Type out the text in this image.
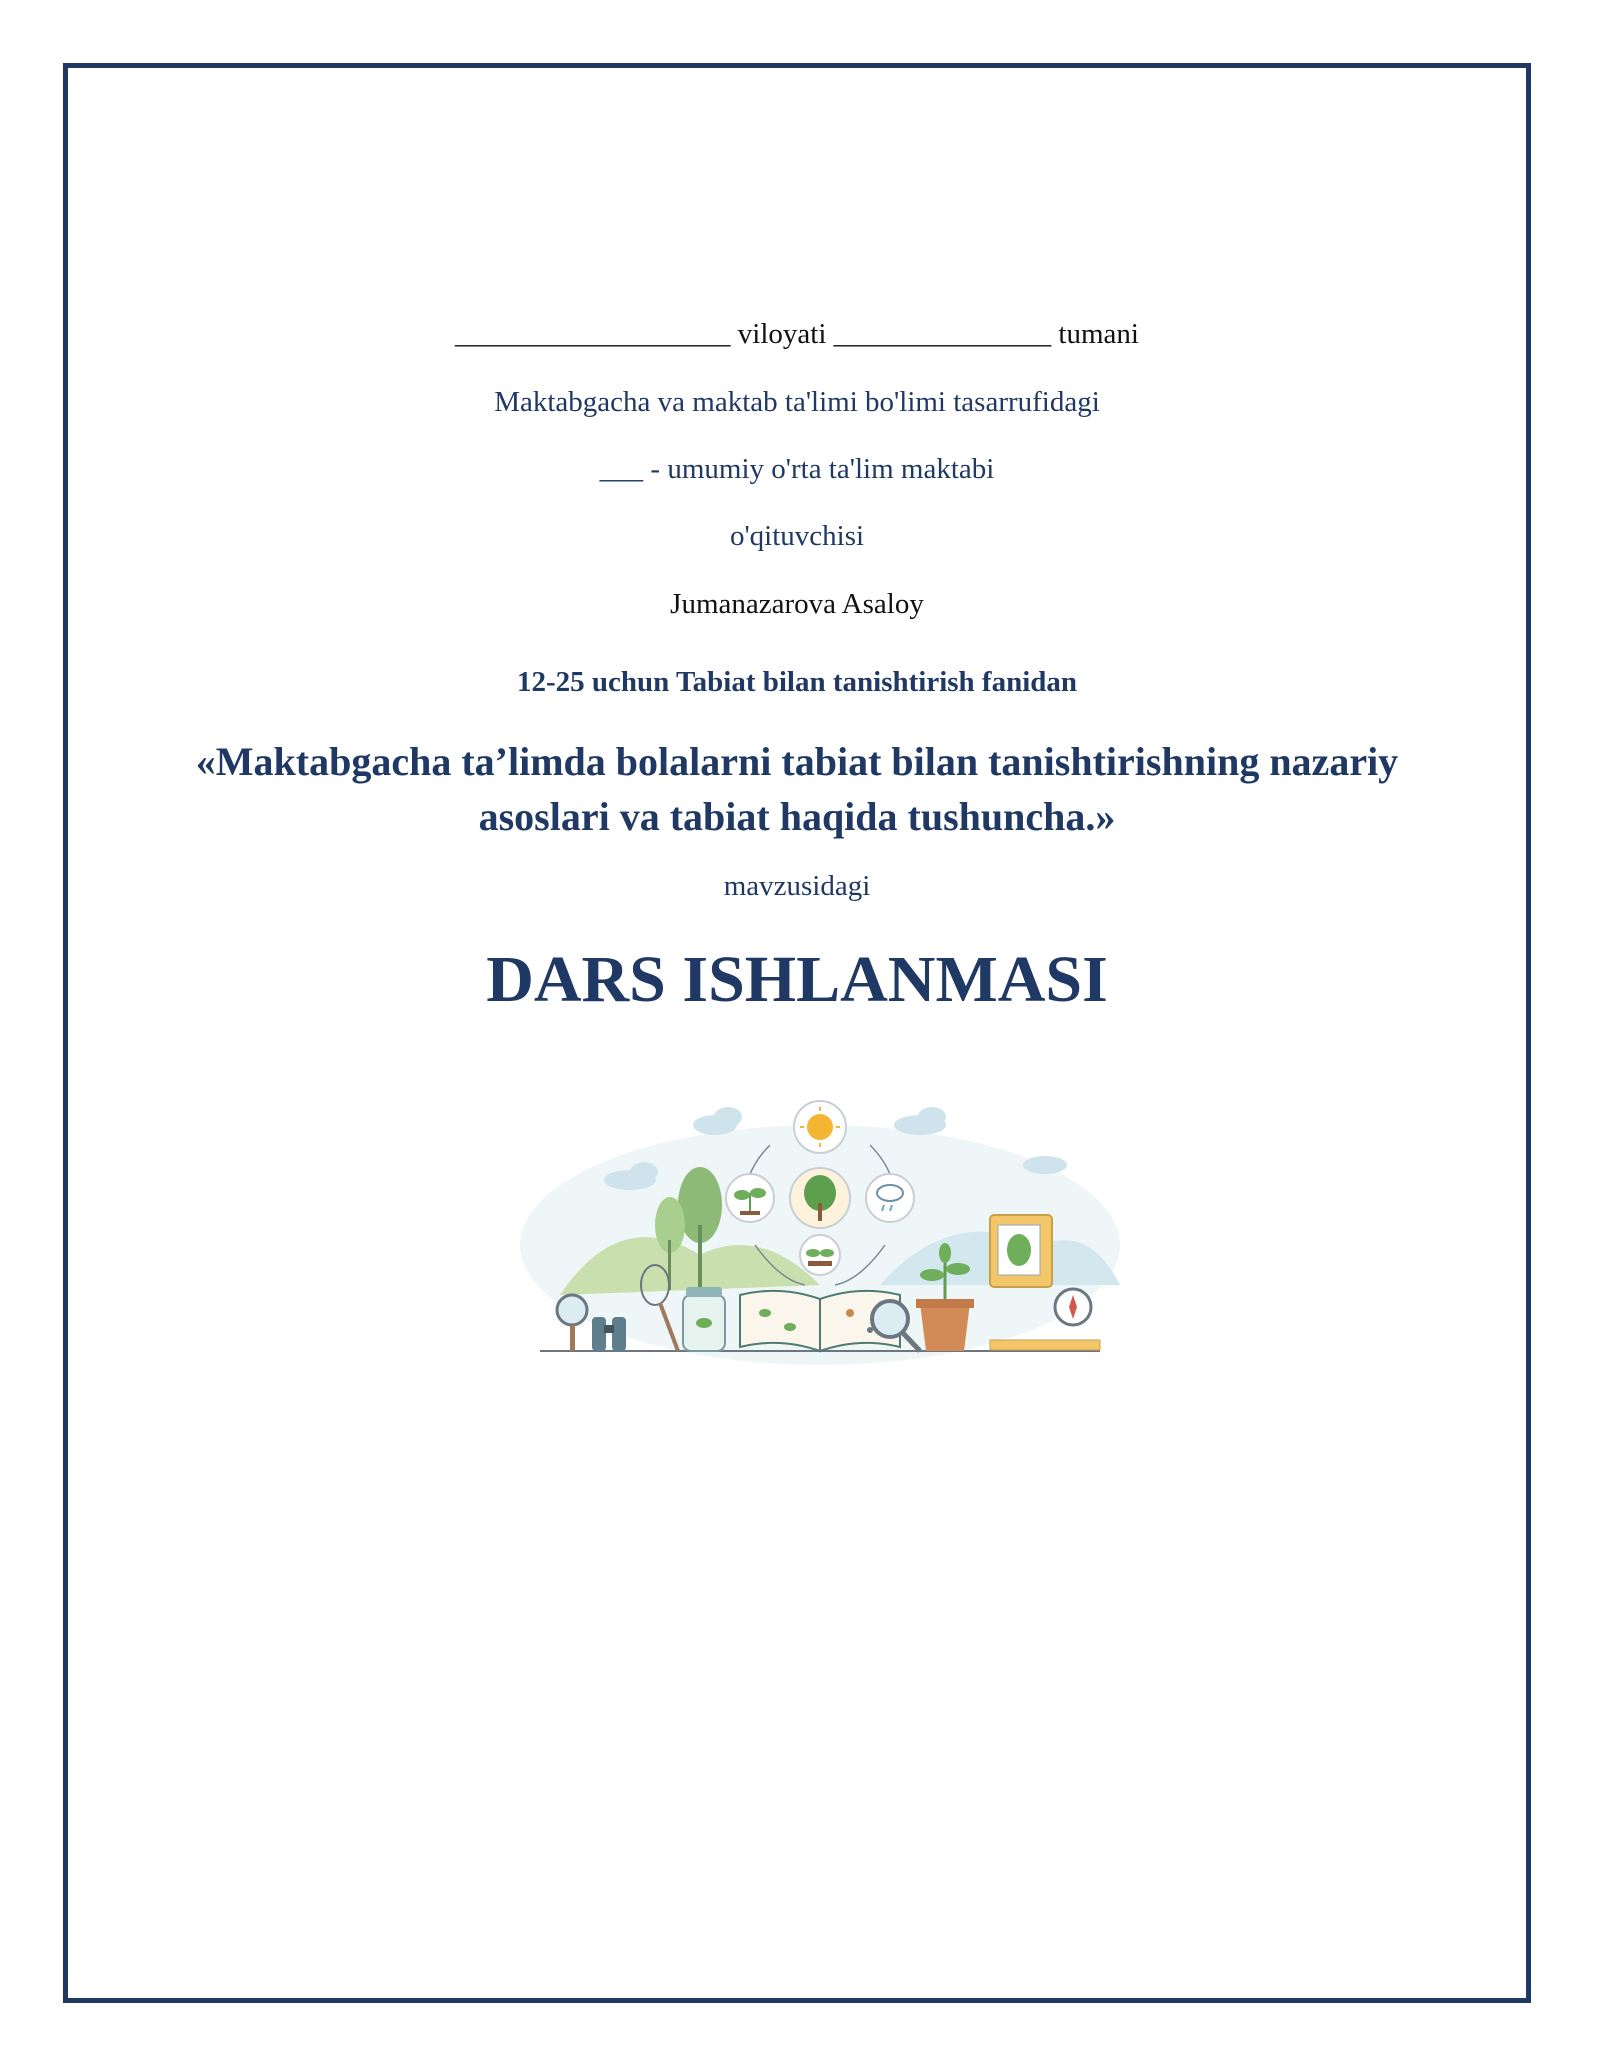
___________________ viloyati _______________ tumani
Maktabgacha va maktab ta'limi bo'limi tasarrufidagi
___ - umumiy o'rta ta'lim maktabi
o'qituvchisi
Jumanazarova Asaloy
12-25 uchun Tabiat bilan tanishtirish fanidan
«Maktabgacha ta’limda bolalarni tabiat bilan tanishtirishning nazariy asoslari va tabiat haqida tushuncha.»
mavzusidagi
DARS ISHLANMASI
